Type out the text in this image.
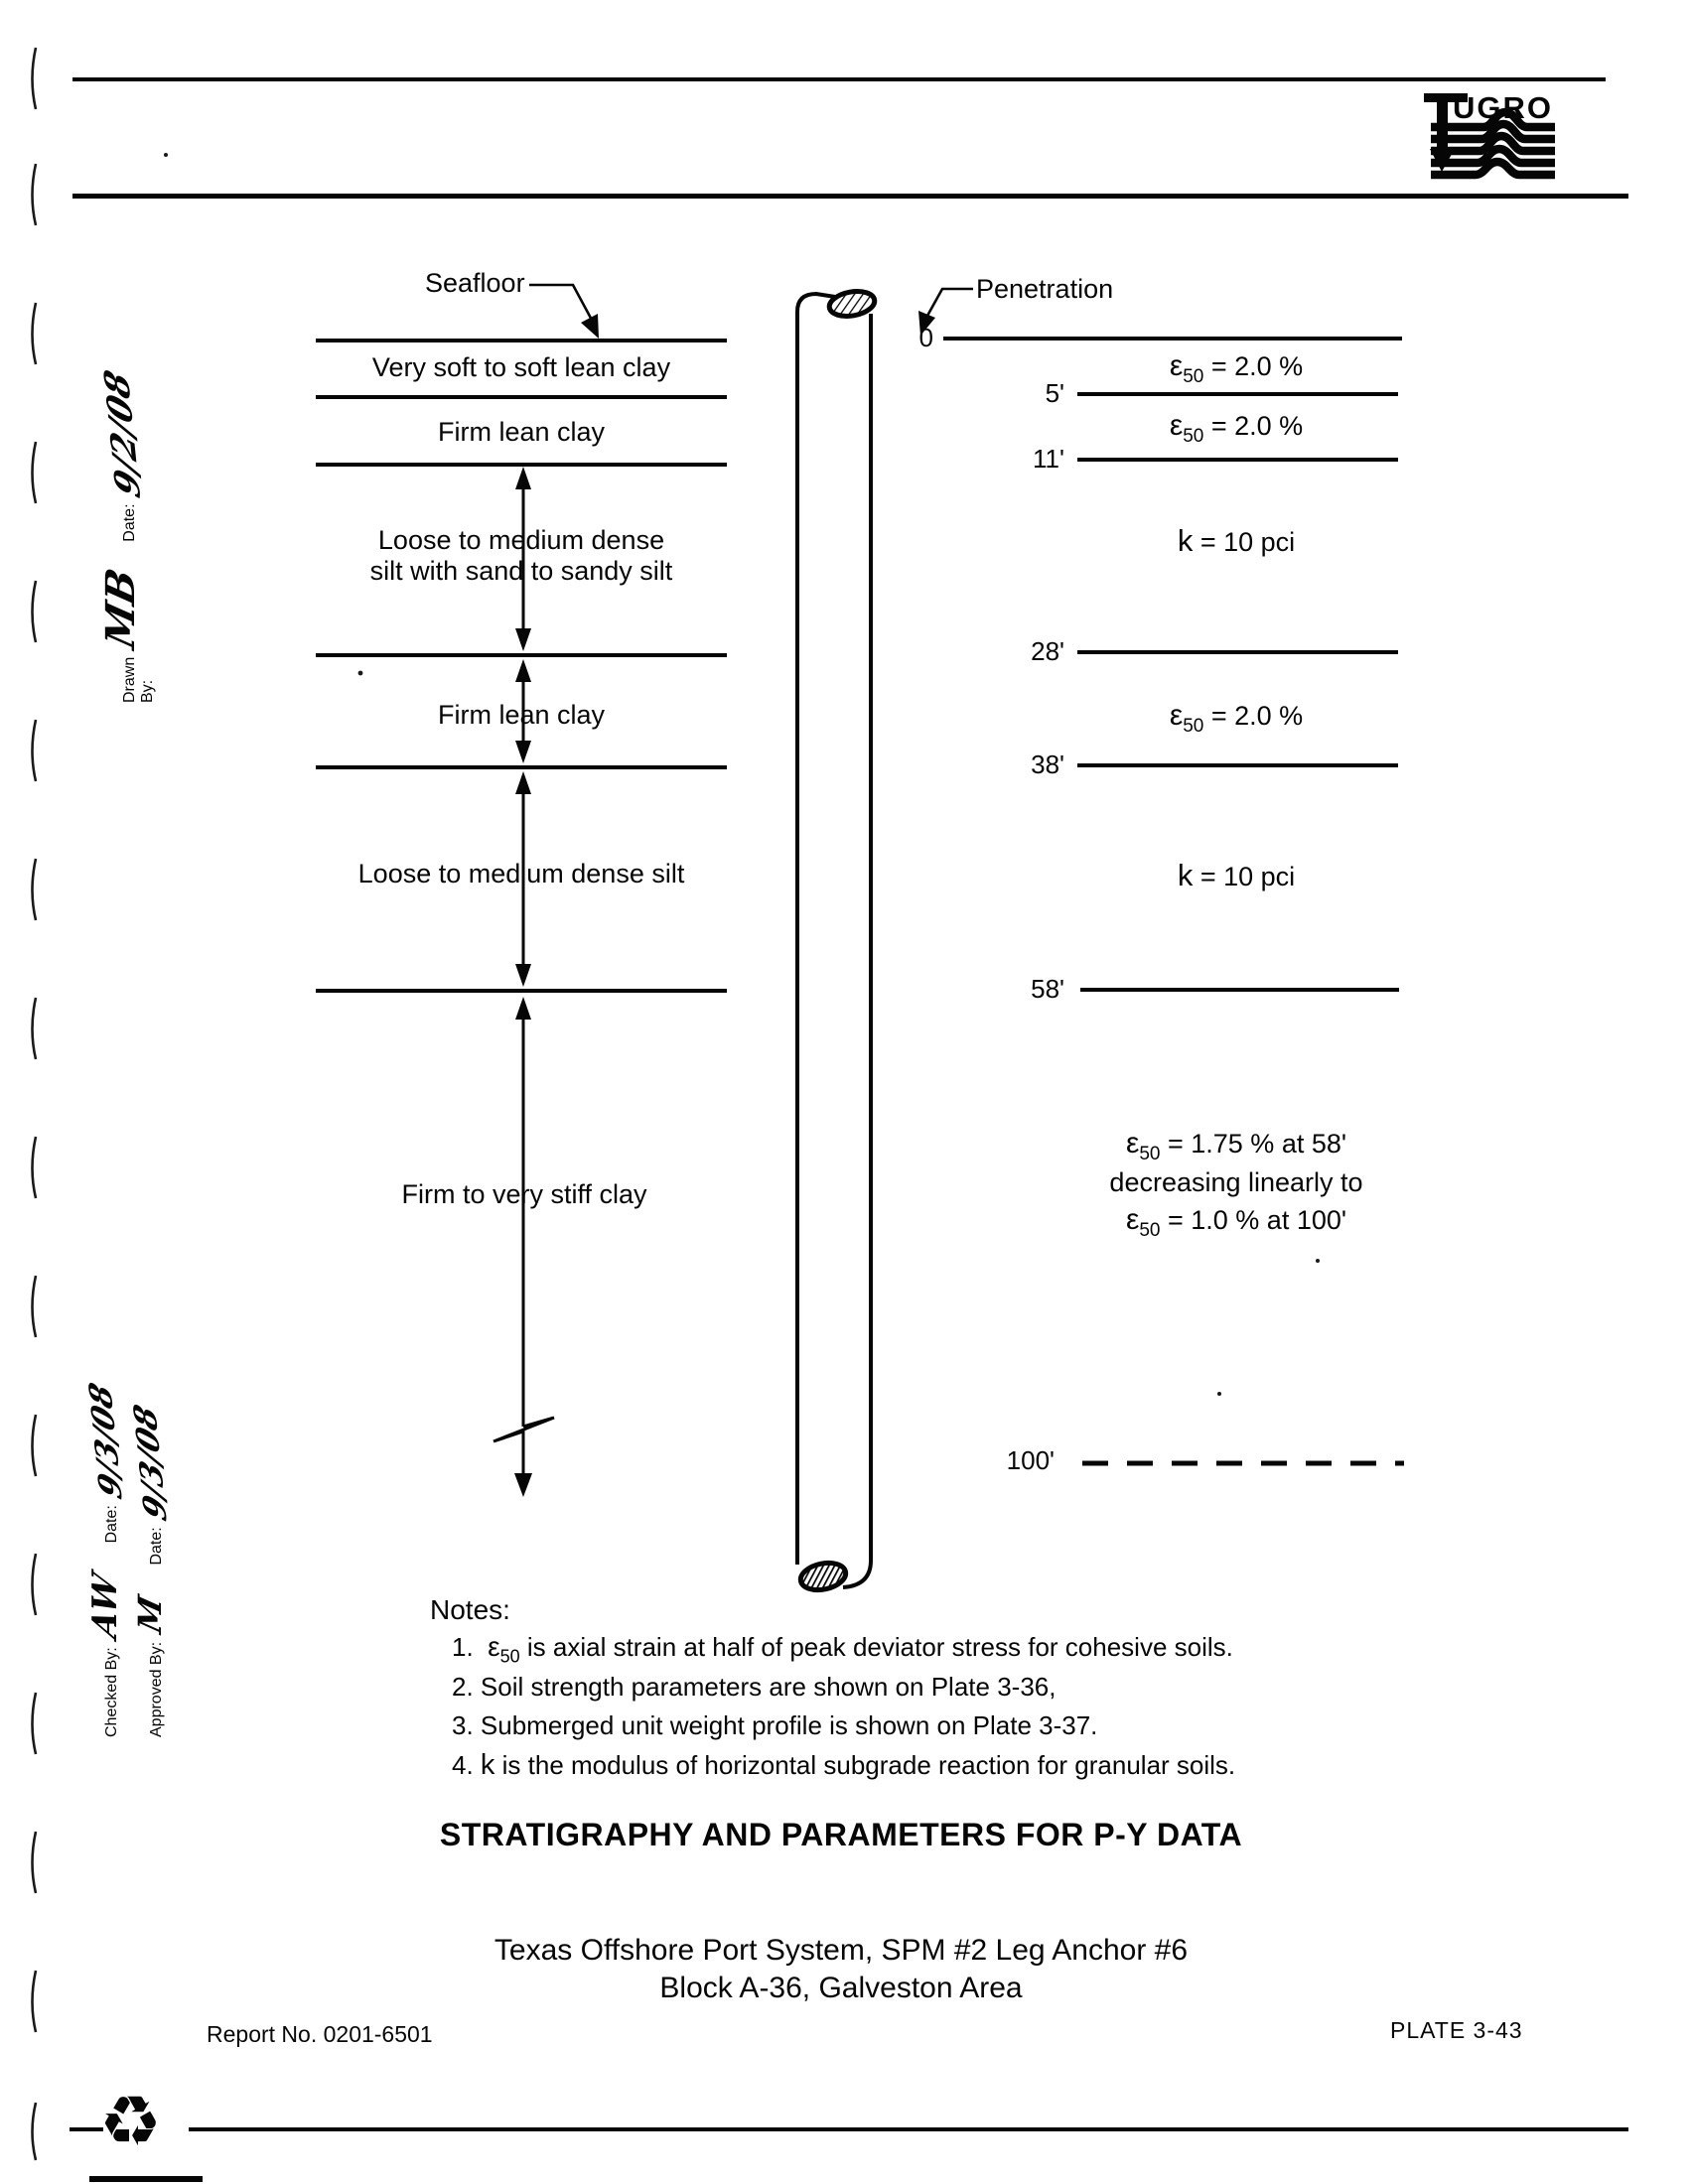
UGRO
Seafloor	Penetration
Very soft to soft lean clay
Firm lean clay
Loose to medium dense
silt with sand to sandy silt
Firm lean clay
Loose to medium dense silt
Firm to very stiff clay
0
5'
11'
28'
38'
58'
100'
$\varepsilon_{50} = 2.0$ %
$\varepsilon_{50} = 2.0$ %
k = 10 pci
$\varepsilon_{50} = 2.0$ %
k = 10 pci
$\varepsilon_{50} = 1.75$ % at 58'
decreasing linearly to
$\varepsilon_{50} = 1.0$ % at 100'
Notes:
1. $\varepsilon_{50}$ is axial strain at half of peak deviator stress for cohesive soils.
2. Soil strength parameters are shown on Plate 3-36,
3. Submerged unit weight profile is shown on Plate 3-37.
4. k is the modulus of horizontal subgrade reaction for granular soils.
STRATIGRAPHY AND PARAMETERS FOR P-Y DATA
Texas Offshore Port System, SPM #2 Leg Anchor #6
Block A-36, Galveston Area
Report No. 0201-6501	PLATE 3-43
♻
Drawn By:
MB
Date:
9/2/08
Checked By:
AW
Date:
9/3/08
Approved By:
M
Date:
9/3/08
